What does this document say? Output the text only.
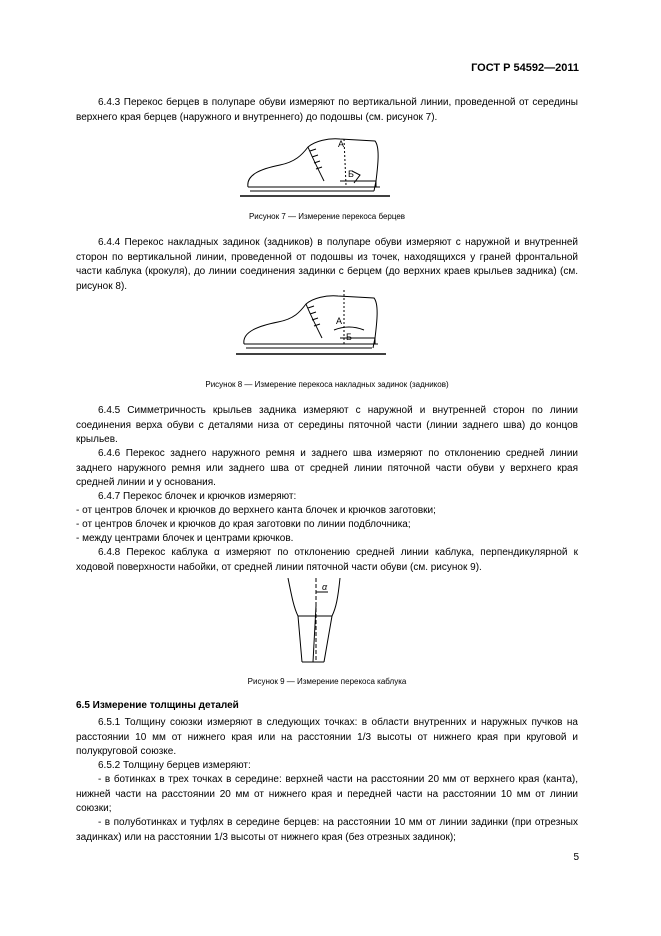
ГОСТ Р 54592—2011

6.4.3 Перекос берцев в полупаре обуви измеряют по вертикальной линии, проведенной от середины верхнего края берцев (наружного и внутреннего) до подошвы (см. рисунок 7).

А
Б
Рисунок 7 — Измерение перекоса берцев

6.4.4 Перекос накладных задинок (задников) в полупаре обуви измеряют с наружной и внутренней сторон по вертикальной линии, проведенной от подошвы из точек, находящихся у граней фронтальной части каблука (крокуля), до линии соединения задинки с берцем (до верхних краев крыльев задника) (см. рисунок 8).

А
Б
Рисунок 8 — Измерение перекоса накладных задинок (задников)

6.4.5 Симметричность крыльев задника измеряют с наружной и внутренней сторон по линии соединения верха обуви с деталями низа от середины пяточной части (линии заднего шва) до концов крыльев.

6.4.6 Перекос заднего наружного ремня и заднего шва измеряют по отклонению средней линии заднего наружного ремня или заднего шва от средней линии пяточной части обуви у верхнего края средней линии и у основания.

6.4.7 Перекос блочек и крючков измеряют:

- от центров блочек и крючков до верхнего канта блочек и крючков заготовки;

- от центров блочек и крючков до края заготовки по линии подблочника;

- между центрами блочек и центрами крючков.

6.4.8 Перекос каблука α измеряют по отклонению средней линии каблука, перпендикулярной к ходовой поверхности набойки, от средней линии пяточной части обуви (см. рисунок 9).

α
Рисунок 9 — Измерение перекоса каблука
6.5 Измерение толщины деталей

6.5.1 Толщину союзки измеряют в следующих точках: в области внутренних и наружных пучков на расстоянии 10 мм от нижнего края или на расстоянии 1/3 высоты от нижнего края при круговой и полукруговой союзке.

6.5.2 Толщину берцев измеряют:

- в ботинках в трех точках в середине: верхней части на расстоянии 20 мм от верхнего края (канта), нижней части на расстоянии 20 мм от нижнего края и передней части на расстоянии 10 мм от линии союзки;

- в полуботинках и туфлях в середине берцев: на расстоянии 10 мм от линии задинки (при отрезных задинках) или на расстоянии 1/3 высоты от нижнего края (без отрезных задинок);

5
